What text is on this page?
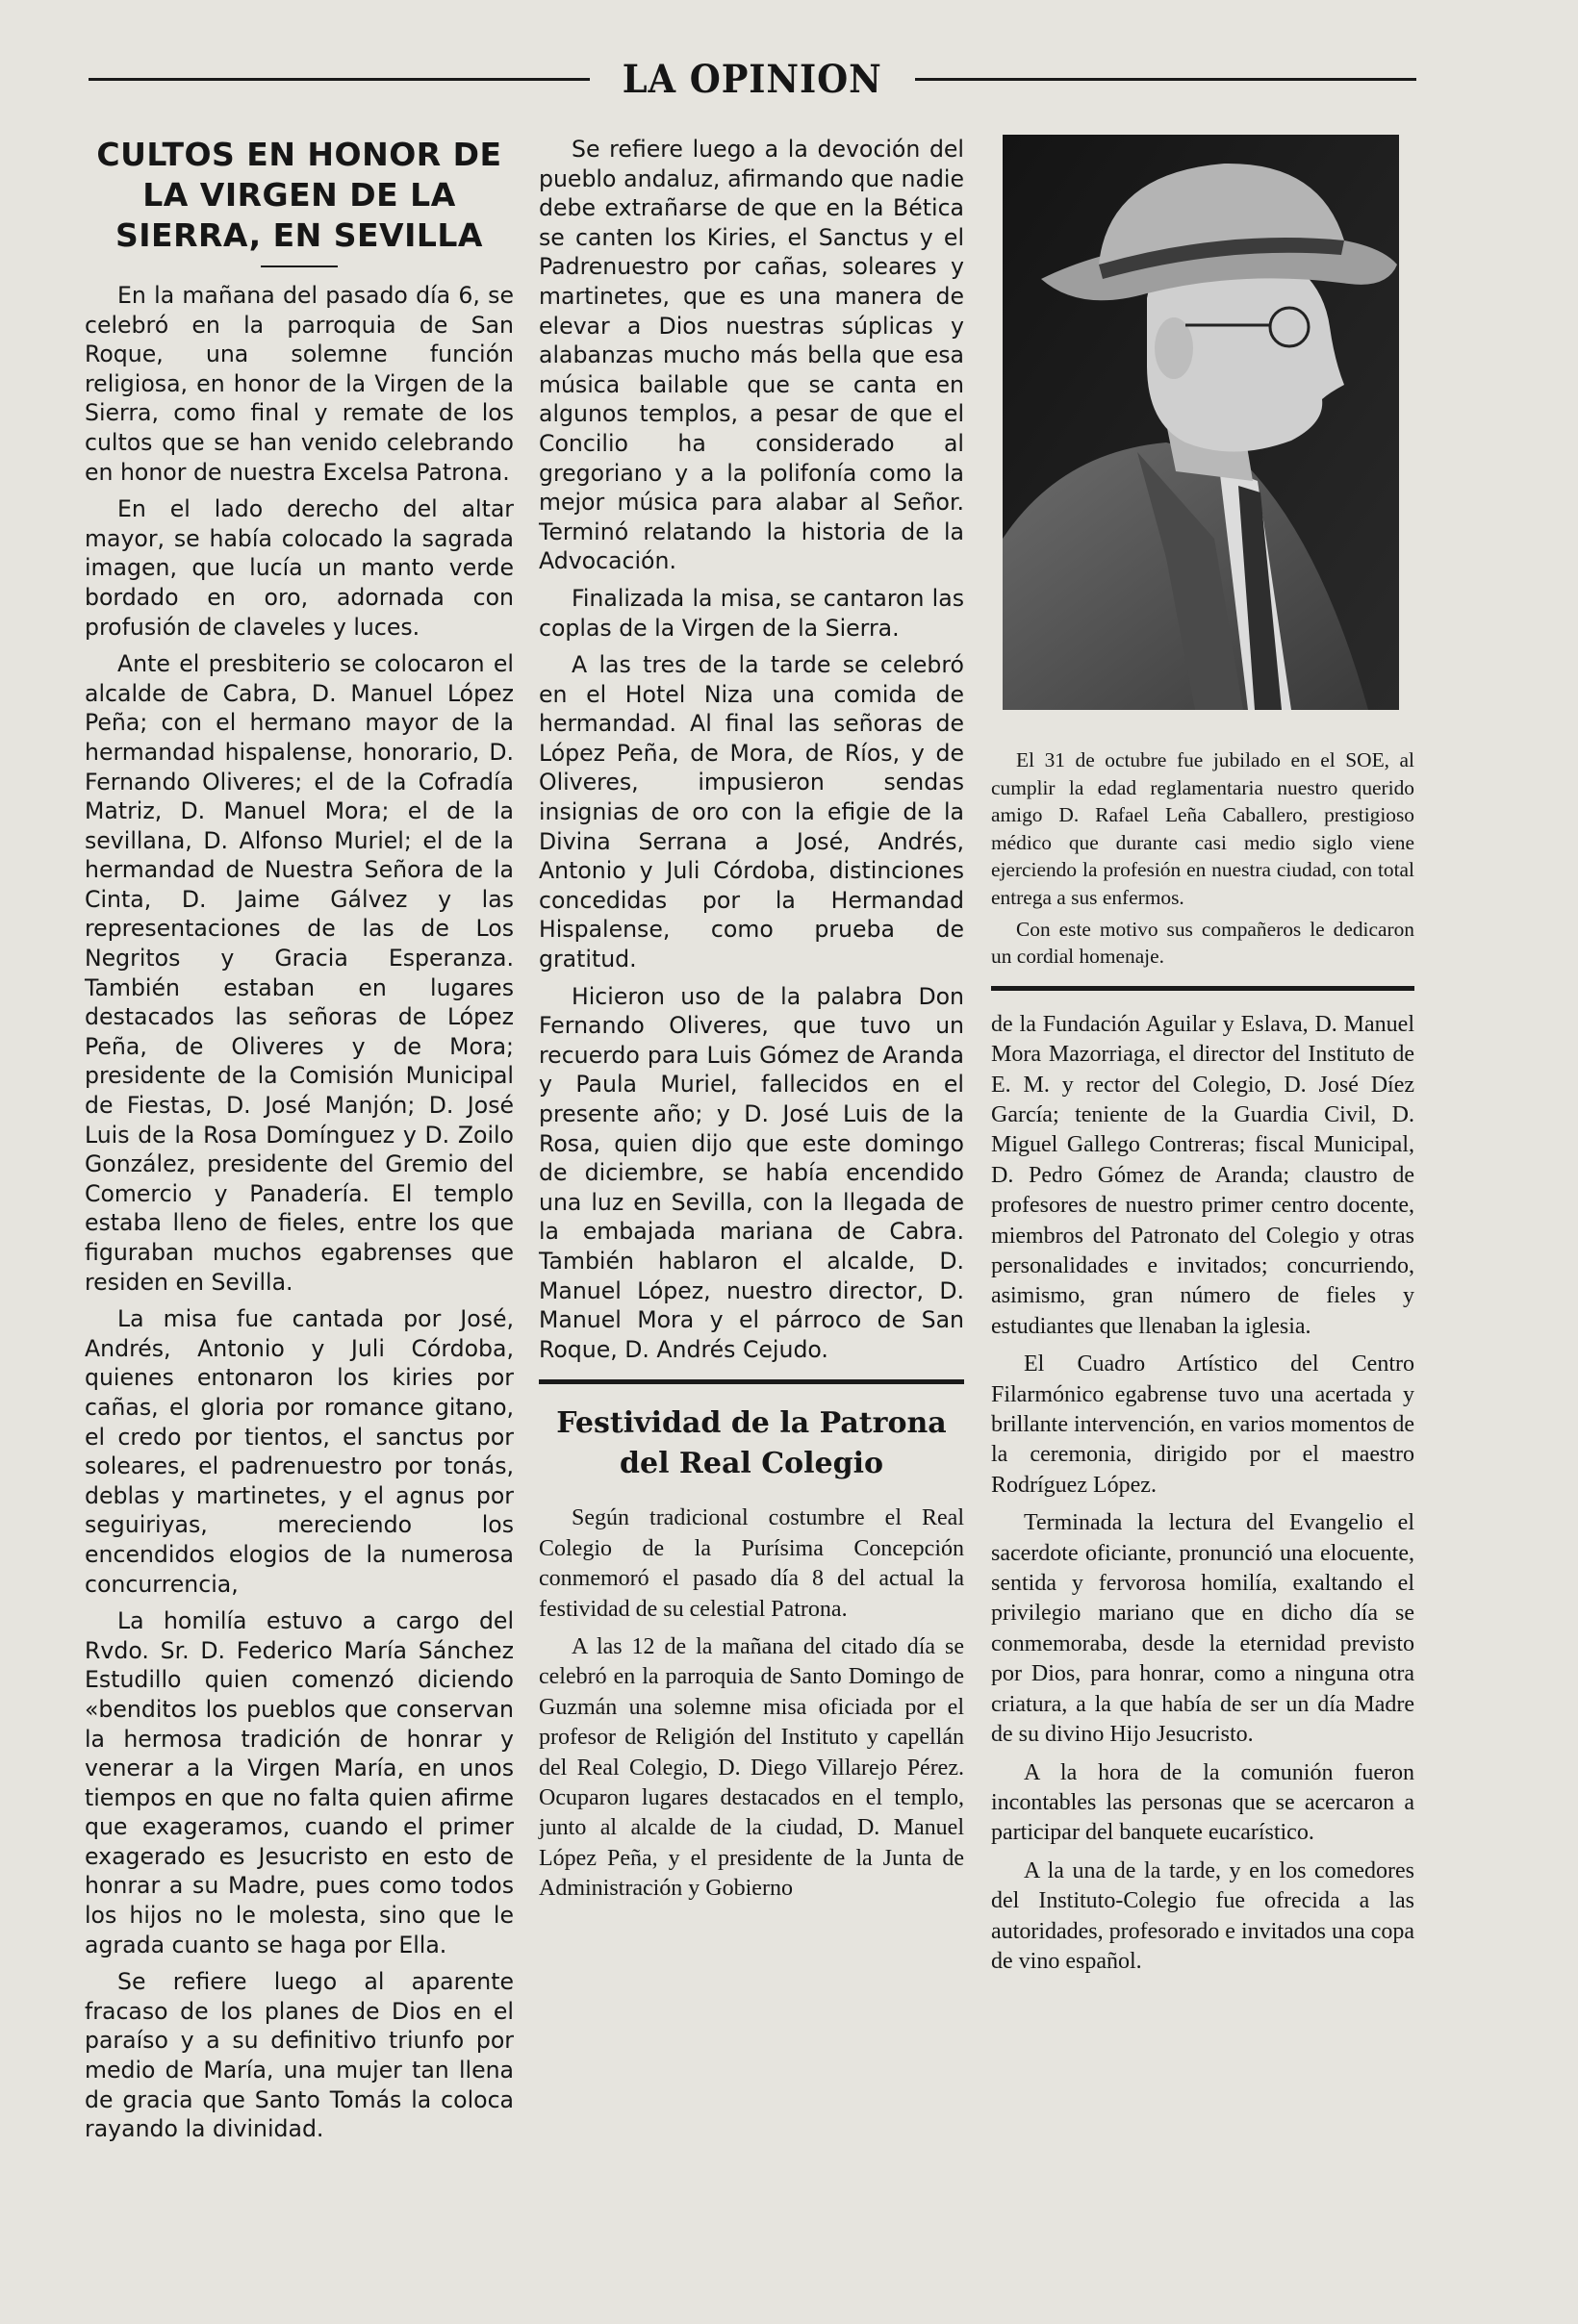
LA OPINION
CULTOS EN HONOR DE
LA VIRGEN DE LA
SIERRA, EN SEVILLA

En la mañana del pasado día 6, se celebró en la parroquia de San Roque, una solemne función religiosa, en honor de la Virgen de la Sierra, como final y remate de los cultos que se han venido celebrando en honor de nuestra Excelsa Patrona.

En el lado derecho del altar mayor, se había colocado la sagrada imagen, que lucía un manto verde bordado en oro, adornada con profusión de claveles y luces.

Ante el presbiterio se colocaron el alcalde de Cabra, D. Manuel López Peña; con el hermano mayor de la hermandad hispalense, honorario, D. Fernando Oliveres; el de la Cofradía Matriz, D. Manuel Mora; el de la sevillana, D. Alfonso Muriel; el de la hermandad de Nuestra Señora de la Cinta, D. Jaime Gálvez y las representaciones de las de Los Negritos y Gracia Esperanza. También estaban en lugares destacados las señoras de López Peña, de Oliveres y de Mora; presidente de la Comisión Municipal de Fiestas, D. José Manjón; D. José Luis de la Rosa Domínguez y D. Zoilo González, presidente del Gremio del Comercio y Panadería. El templo estaba lleno de fieles, entre los que figuraban muchos egabrenses que residen en Sevilla.

La misa fue cantada por José, Andrés, Antonio y Juli Córdoba, quienes entonaron los kiries por cañas, el gloria por romance gitano, el credo por tientos, el sanctus por soleares, el padrenuestro por tonás, deblas y martinetes, y el agnus por seguiriyas, mereciendo los encendidos elogios de la numerosa concurrencia,

La homilía estuvo a cargo del Rvdo. Sr. D. Federico María Sánchez Estudillo quien comenzó diciendo «benditos los pueblos que conservan la hermosa tradición de honrar y venerar a la Virgen María, en unos tiempos en que no falta quien afirme que exageramos, cuando el primer exagerado es Jesucristo en esto de honrar a su Madre, pues como todos los hijos no le molesta, sino que le agrada cuanto se haga por Ella.

Se refiere luego al aparente fracaso de los planes de Dios en el paraíso y a su definitivo triunfo por medio de María, una mujer tan llena de gracia que Santo Tomás la coloca rayando la divinidad.

Se refiere luego a la devoción del pueblo andaluz, afirmando que nadie debe extrañarse de que en la Bética se canten los Kiries, el Sanctus y el Padrenuestro por cañas, soleares y martinetes, que es una manera de elevar a Dios nuestras súplicas y alabanzas mucho más bella que esa música bailable que se canta en algunos templos, a pesar de que el Concilio ha considerado al gregoriano y a la polifonía como la mejor música para alabar al Señor. Terminó relatando la historia de la Advocación.

Finalizada la misa, se cantaron las coplas de la Virgen de la Sierra.

A las tres de la tarde se celebró en el Hotel Niza una comida de hermandad. Al final las señoras de López Peña, de Mora, de Ríos, y de Oliveres, impusieron sendas insignias de oro con la efigie de la Divina Serrana a José, Andrés, Antonio y Juli Córdoba, distinciones concedidas por la Hermandad Hispalense, como prueba de gratitud.

Hicieron uso de la palabra Don Fernando Oliveres, que tuvo un recuerdo para Luis Gómez de Aranda y Paula Muriel, fallecidos en el presente año; y D. José Luis de la Rosa, quien dijo que este domingo de diciembre, se había encendido una luz en Sevilla, con la llegada de la embajada mariana de Cabra. También hablaron el alcalde, D. Manuel López, nuestro director, D. Manuel Mora y el párroco de San Roque, D. Andrés Cejudo.

Festividad de la Patrona
del Real Colegio

Según tradicional costumbre el Real Colegio de la Purísima Concepción conmemoró el pasado día 8 del actual la festividad de su celestial Patrona.

A las 12 de la mañana del citado día se celebró en la parroquia de Santo Domingo de Guzmán una solemne misa oficiada por el profesor de Religión del Instituto y capellán del Real Colegio, D. Diego Villarejo Pérez. Ocuparon lugares destacados en el templo, junto al alcalde de la ciudad, D. Manuel López Peña, y el presidente de la Junta de Administración y Gobierno

El 31 de octubre fue jubilado en el SOE, al cumplir la edad reglamentaria nuestro querido amigo D. Rafael Leña Caballero, prestigioso médico que durante casi medio siglo viene ejerciendo la profesión en nuestra ciudad, con total entrega a sus enfermos.

Con este motivo sus compañeros le dedicaron un cordial homenaje.

de la Fundación Aguilar y Eslava, D. Manuel Mora Mazorriaga, el director del Instituto de E. M. y rector del Colegio, D. José Díez García; teniente de la Guardia Civil, D. Miguel Gallego Contreras; fiscal Municipal, D. Pedro Gómez de Aranda; claustro de profesores de nuestro primer centro docente, miembros del Patronato del Colegio y otras personalidades e invitados; concurriendo, asimismo, gran número de fieles y estudiantes que llenaban la iglesia.

El Cuadro Artístico del Centro Filarmónico egabrense tuvo una acertada y brillante intervención, en varios momentos de la ceremonia, dirigido por el maestro Rodríguez López.

Terminada la lectura del Evangelio el sacerdote oficiante, pronunció una elocuente, sentida y fervorosa homilía, exaltando el privilegio mariano que en dicho día se conmemoraba, desde la eternidad previsto por Dios, para honrar, como a ninguna otra criatura, a la que había de ser un día Madre de su divino Hijo Jesucristo.

A la hora de la comunión fueron incontables las personas que se acercaron a participar del banquete eucarístico.

A la una de la tarde, y en los comedores del Instituto-Colegio fue ofrecida a las autoridades, profesorado e invitados una copa de vino español.
